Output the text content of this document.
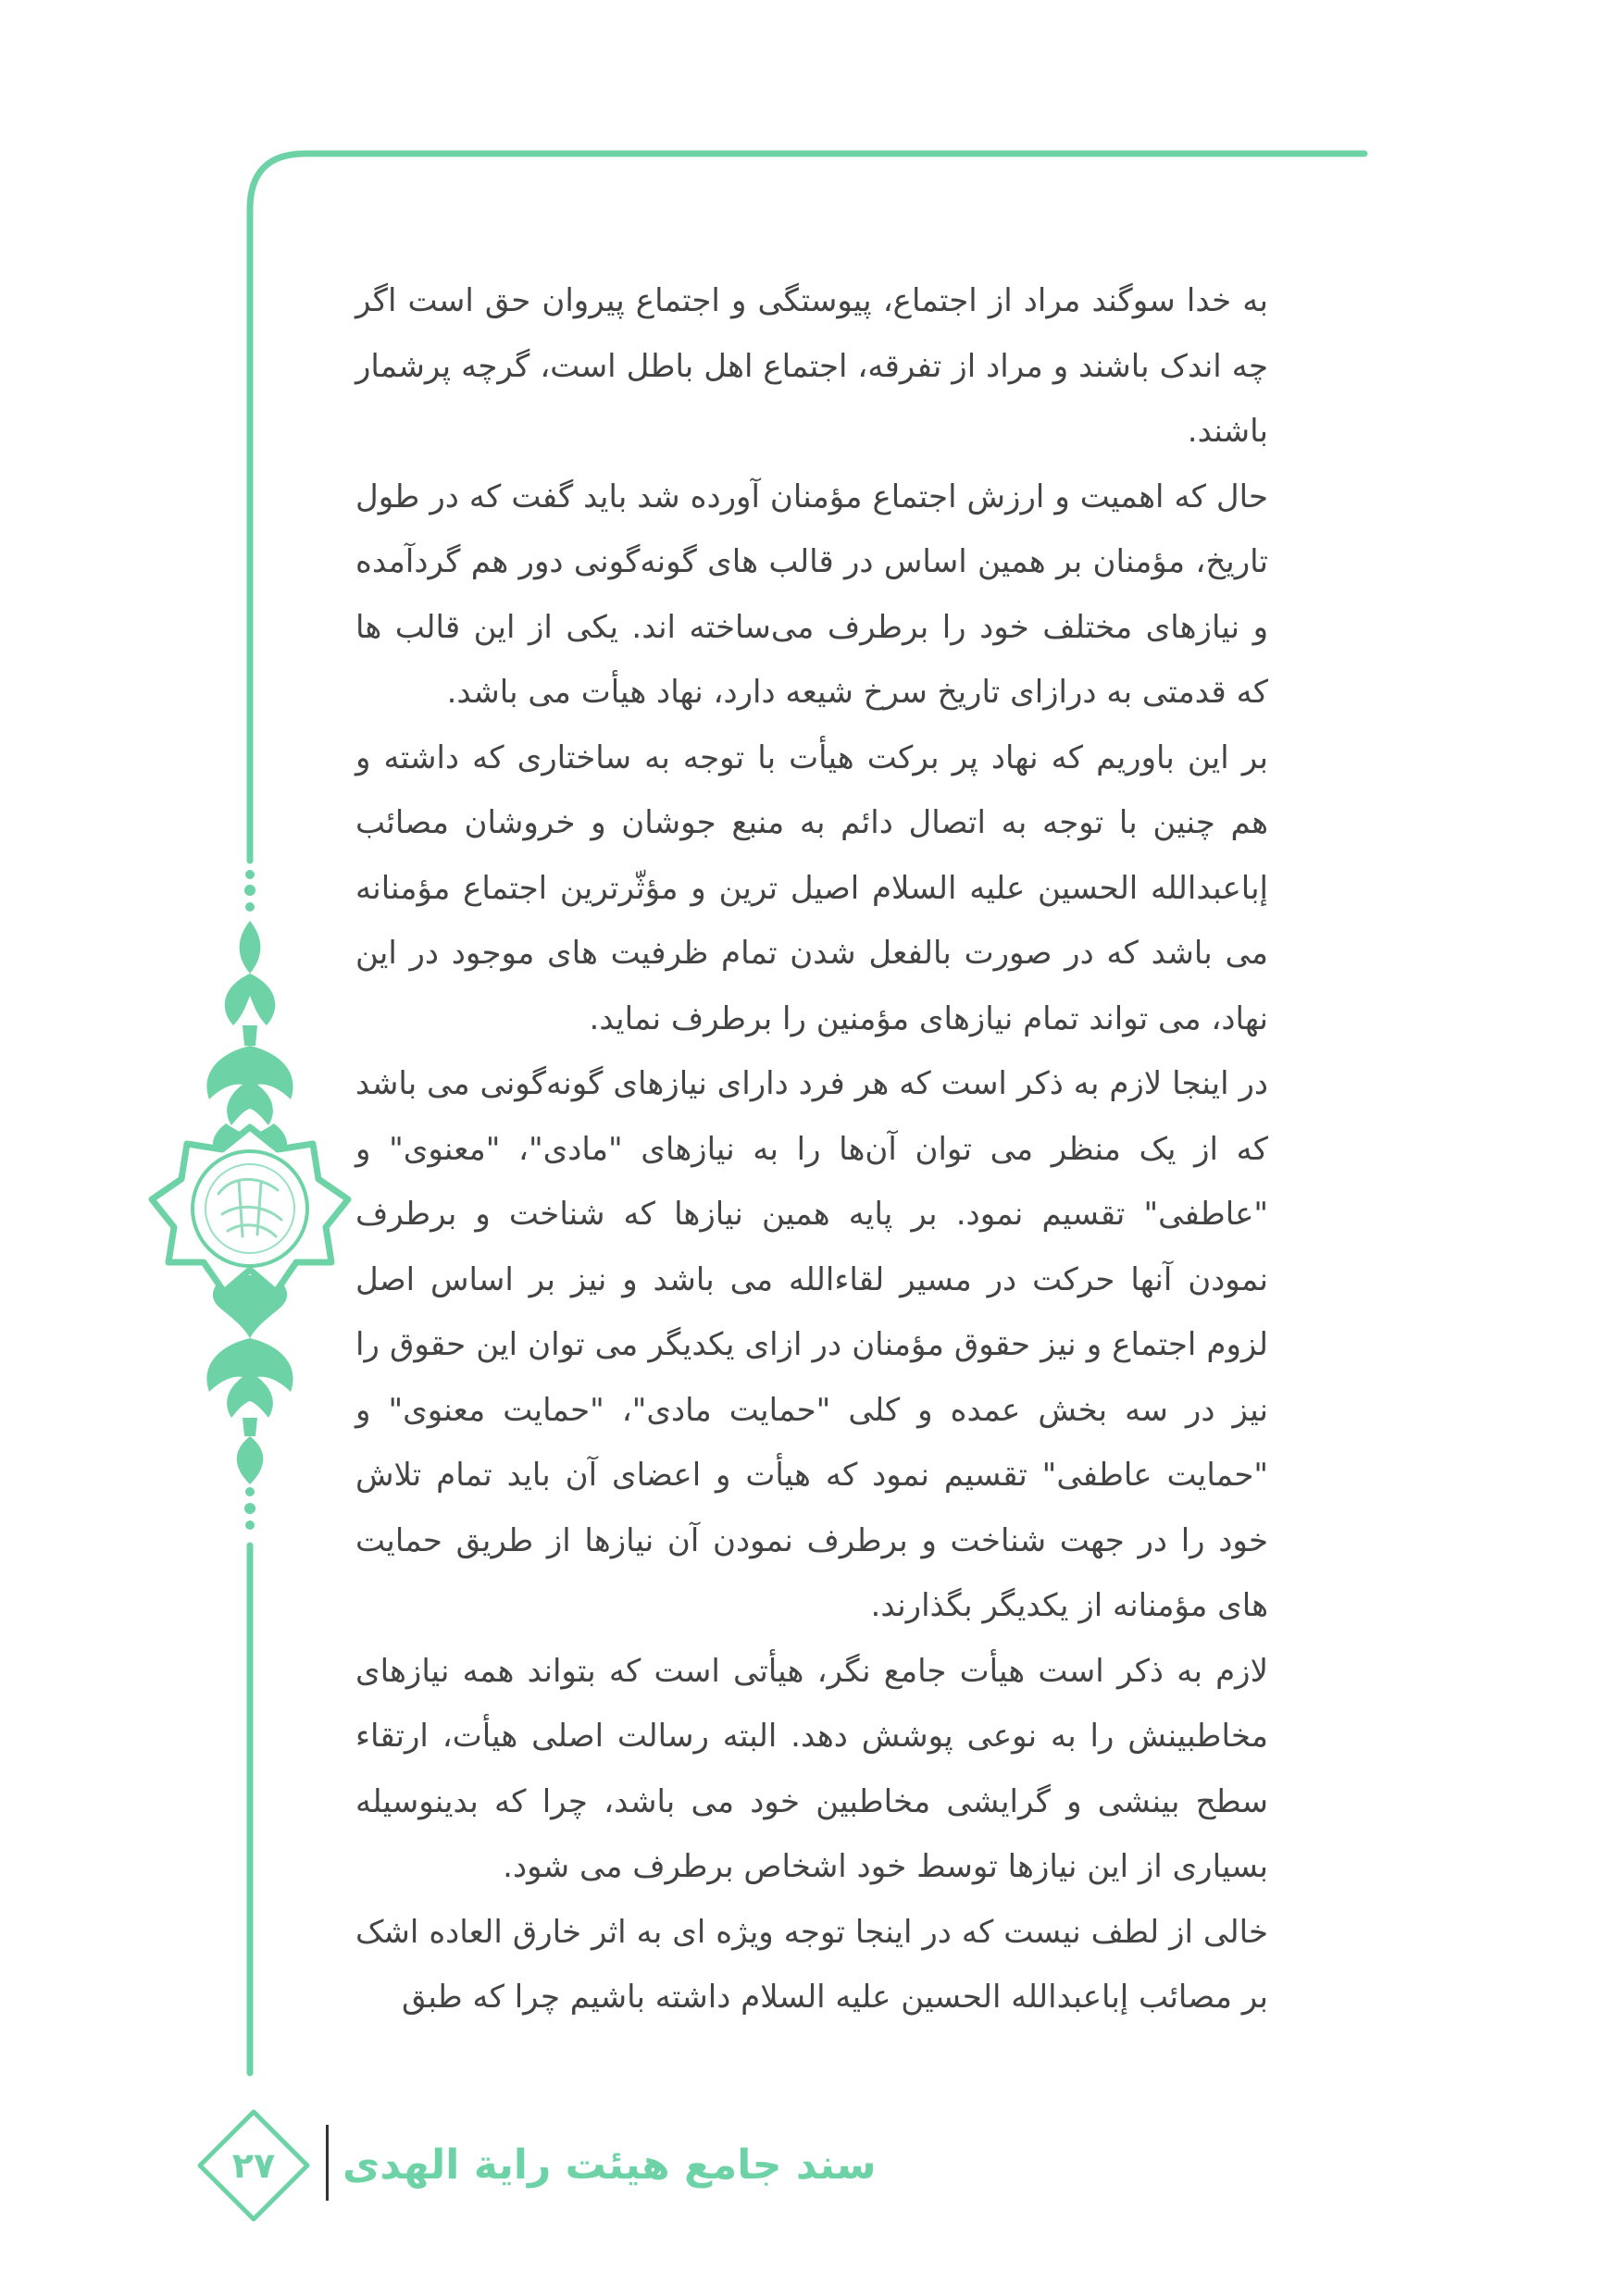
به خدا سوگند مراد از اجتماع، پیوستگی و اجتماع پیروان حق است اگر چه اندک باشند و مراد از تفرقه، اجتماع اهل باطل است، گرچه پرشمار باشند.

حال که اهمیت و ارزش اجتماع مؤمنان آورده شد باید گفت که در طول تاریخ، مؤمنان بر همین اساس در قالب های گونه‌گونی دور هم گردآمده و نیازهای مختلف خود را برطرف می‌ساخته اند. یکی از این قالب ها که قدمتی به درازای تاریخ سرخ شیعه دارد، نهاد هیأت می باشد.

بر این باوریم که نهاد پر برکت هیأت با توجه به ساختاری که داشته و هم چنین با توجه به اتصال دائم به منبع جوشان و خروشان مصائب إباعبدالله الحسین علیه السلام اصیل ترین و مؤثّرترین اجتماع مؤمنانه می باشد که در صورت بالفعل شدن تمام ظرفیت های موجود در این نهاد، می تواند تمام نیازهای مؤمنین را برطرف نماید.

در اینجا لازم به ذکر است که هر فرد دارای نیازهای گونه‌گونی می باشد که از یک منظر می توان آن‌ها را به نیازهای "مادی"، "معنوی" و "عاطفی" تقسیم نمود. بر پایه همین نیازها که شناخت و برطرف نمودن آنها حرکت در مسیر لقاءالله می باشد و نیز بر اساس اصل لزوم اجتماع و نیز حقوق مؤمنان در ازای یکدیگر می توان این حقوق را نیز در سه بخش عمده و کلی "حمایت مادی"، "حمایت معنوی" و "حمایت عاطفی" تقسیم نمود که هیأت و اعضای آن باید تمام تلاش خود را در جهت شناخت و برطرف نمودن آن نیازها از طریق حمایت های مؤمنانه از یکدیگر بگذارند.

لازم به ذکر است هیأت جامع نگر، هیأتی است که بتواند همه نیازهای مخاطبینش را به نوعی پوشش دهد. البته رسالت اصلی هیأت، ارتقاء سطح بینشی و گرایشی مخاطبین خود می باشد، چرا که بدینوسیله بسیاری از این نیازها توسط خود اشخاص برطرف می شود.

خالی از لطف نیست که در اینجا توجه ویژه ای به اثر خارق العاده اشک بر مصائب إباعبدالله الحسین علیه السلام داشته باشیم چرا که طبق

۲۷	سند جامع هیئت رایة الهدی
